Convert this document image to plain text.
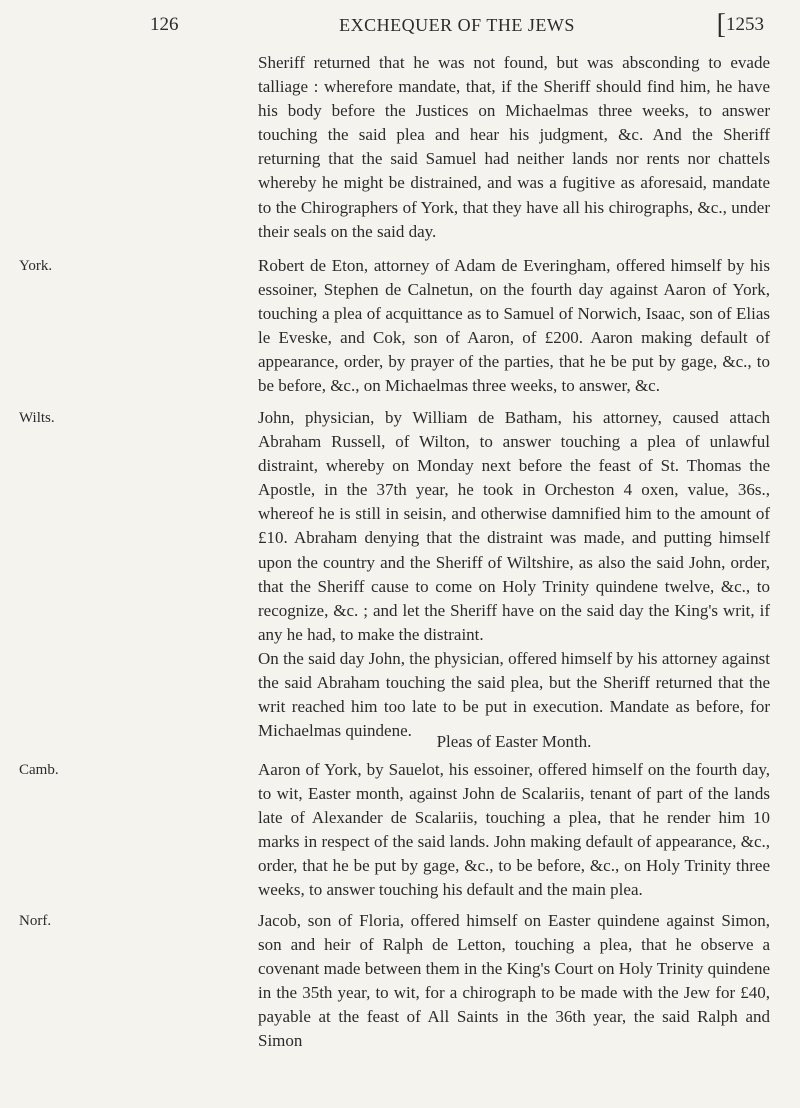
126	EXCHEQUER OF THE JEWS	[1253

Sheriff returned that he was not found, but was absconding to evade talliage : wherefore mandate, that, if the Sheriff should find him, he have his body before the Justices on Michaelmas three weeks, to answer touching the said plea and hear his judgment, &c. And the Sheriff returning that the said Samuel had neither lands nor rents nor chattels whereby he might be distrained, and was a fugitive as aforesaid, mandate to the Chirographers of York, that they have all his chirographs, &c., under their seals on the said day.

York.	Robert de Eton, attorney of Adam de Everingham, offered himself by his essoiner, Stephen de Calnetun, on the fourth day against Aaron of York, touching a plea of acquittance as to Samuel of Norwich, Isaac, son of Elias le Eveske, and Cok, son of Aaron, of £200. Aaron making default of appearance, order, by prayer of the parties, that he be put by gage, &c., to be before, &c., on Michaelmas three weeks, to answer, &c.

Wilts.	John, physician, by William de Batham, his attorney, caused attach Abraham Russell, of Wilton, to answer touching a plea of unlawful distraint, whereby on Monday next before the feast of St. Thomas the Apostle, in the 37th year, he took in Orcheston 4 oxen, value, 36s., whereof he is still in seisin, and otherwise damnified him to the amount of £10. Abraham denying that the distraint was made, and putting himself upon the country and the Sheriff of Wiltshire, as also the said John, order, that the Sheriff cause to come on Holy Trinity quindene twelve, &c., to recognize, &c. ; and let the Sheriff have on the said day the King's writ, if any he had, to make the distraint.

On the said day John, the physician, offered himself by his attorney against the said Abraham touching the said plea, but the Sheriff returned that the writ reached him too late to be put in execution. Mandate as before, for Michaelmas quindene.

Pleas of Easter Month.
Camb.	Aaron of York, by Sauelot, his essoiner, offered himself on the fourth day, to wit, Easter month, against John de Scalariis, tenant of part of the lands late of Alexander de Scalariis, touching a plea, that he render him 10 marks in respect of the said lands. John making default of appearance, &c., order, that he be put by gage, &c., to be before, &c., on Holy Trinity three weeks, to answer touching his default and the main plea.

Norf.	Jacob, son of Floria, offered himself on Easter quindene against Simon, son and heir of Ralph de Letton, touching a plea, that he observe a covenant made between them in the King's Court on Holy Trinity quindene in the 35th year, to wit, for a chirograph to be made with the Jew for £40, payable at the feast of All Saints in the 36th year, the said Ralph and Simon
